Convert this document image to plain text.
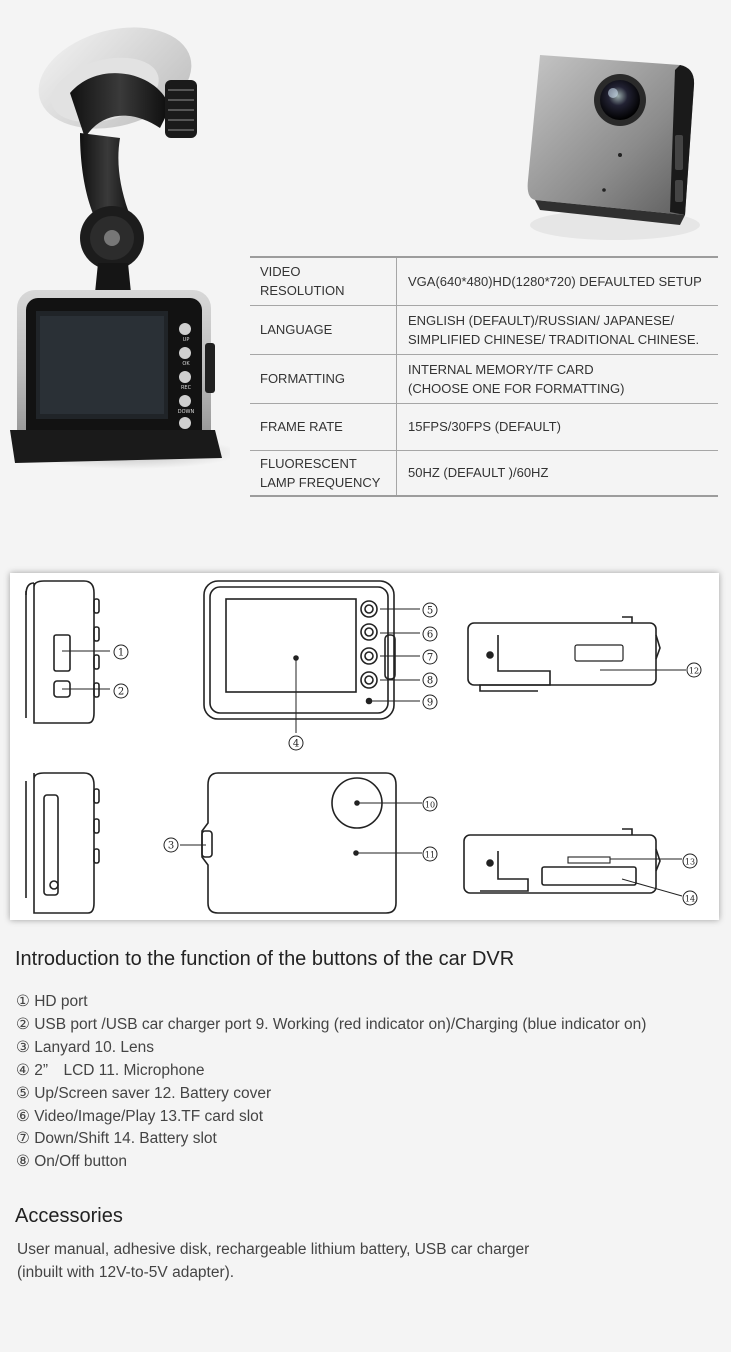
UP
OK
REC
DOWN
VIDEO RESOLUTION	VGA(640*480)HD(1280*720) DEFAULTED SETUP
LANGUAGE	ENGLISH (DEFAULT)/RUSSIAN/ JAPANESE/
SIMPLIFIED CHINESE/ TRADITIONAL CHINESE.
FORMATTING	INTERNAL MEMORY/TF CARD
(CHOOSE ONE FOR FORMATTING)
FRAME RATE	15FPS/30FPS (DEFAULT)
FLUORESCENT
LAMP FREQUENCY	50HZ (DEFAULT )/60HZ
1
2
3
4
5
6
7
8
9
10
11
12
13
14
Introduction to the function of the buttons of the car DVR
① HD port
② USB port /USB car charger port 9. Working (red indicator on)/Charging (blue indicator on)
③ Lanyard 10. Lens
④ 2”　LCD 11. Microphone
⑤ Up/Screen saver 12. Battery cover
⑥ Video/Image/Play 13.TF card slot
⑦ Down/Shift 14. Battery slot
⑧ On/Off button
Accessories
User manual, adhesive disk, rechargeable lithium battery, USB car charger
(inbuilt with 12V-to-5V adapter).
